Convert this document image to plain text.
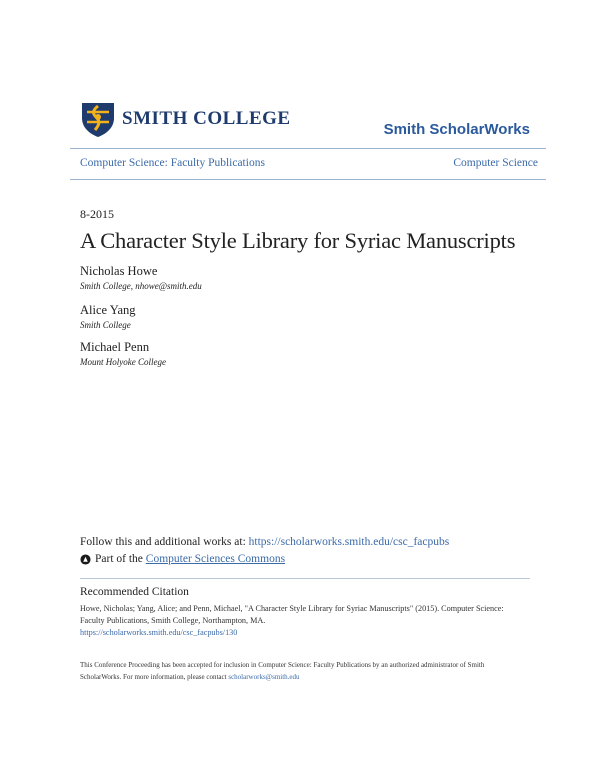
SMITH COLLEGE
Smith ScholarWorks
Computer Science: Faculty Publications	Computer Science
8-2015
A Character Style Library for Syriac Manuscripts
Nicholas Howe
Smith College, nhowe@smith.edu
Alice Yang
Smith College
Michael Penn
Mount Holyoke College
Follow this and additional works at: https://scholarworks.smith.edu/csc_facpubs
Part of the
Computer Sciences Commons
Recommended Citation
Howe, Nicholas; Yang, Alice; and Penn, Michael, "A Character Style Library for Syriac Manuscripts" (2015). Computer Science: Faculty Publications, Smith College, Northampton, MA.
https://scholarworks.smith.edu/csc_facpubs/130
This Conference Proceeding has been accepted for inclusion in Computer Science: Faculty Publications by an authorized administrator of Smith ScholarWorks. For more information, please contact scholarworks@smith.edu
